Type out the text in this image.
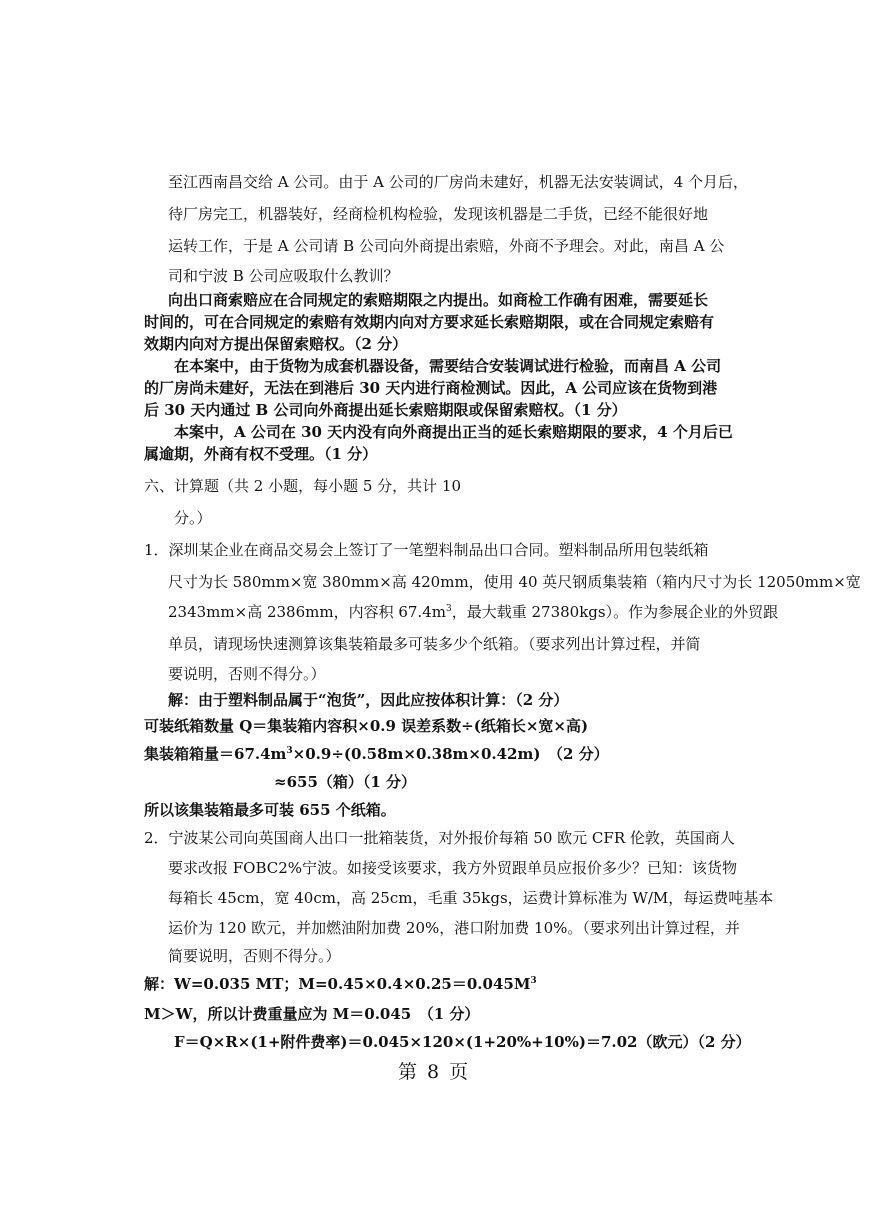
至江西南昌交给 A 公司。由于 A 公司的厂房尚未建好，机器无法安装调试，4 个月后，
待厂房完工，机器装好，经商检机构检验，发现该机器是二手货，已经不能很好地
运转工作，于是 A 公司请 B 公司向外商提出索赔，外商不予理会。对此，南昌 A 公
司和宁波 B 公司应吸取什么教训？
向出口商索赔应在合同规定的索赔期限之内提出。如商检工作确有困难，需要延长
时间的，可在合同规定的索赔有效期内向对方要求延长索赔期限，或在合同规定索赔有
效期内向对方提出保留索赔权。（2 分）
在本案中，由于货物为成套机器设备，需要结合安装调试进行检验，而南昌 A 公司
的厂房尚未建好，无法在到港后 30 天内进行商检测试。因此，A 公司应该在货物到港
后 30 天内通过 B 公司向外商提出延长索赔期限或保留索赔权。（1 分）
本案中，A 公司在 30 天内没有向外商提出正当的延长索赔期限的要求，4 个月后已
属逾期，外商有权不受理。（1 分）
六、计算题（共 2 小题，每小题 5 分，共计 10
分。）
1．深圳某企业在商品交易会上签订了一笔塑料制品出口合同。塑料制品所用包装纸箱
尺寸为长 580mm×宽 380mm×高 420mm，使用 40 英尺钢质集装箱（箱内尺寸为长 12050mm×宽
2343mm×高 2386mm，内容积 $67.4m^3$，最大载重 27380kgs）。作为参展企业的外贸跟
单员，请现场快速测算该集装箱最多可装多少个纸箱。（要求列出计算过程，并简
要说明，否则不得分。）
解：由于塑料制品属于“泡货”，因此应按体积计算：（2 分）
可装纸箱数量 Q＝集装箱内容积×0.9 误差系数÷(纸箱长×宽×高)
集装箱箱量$=67.4m^3\times 0.9\div(0.58m\times 0.38m\times 0.42m)$　（2 分）
≈655（箱）（1 分）
所以该集装箱最多可装 655 个纸箱。
2．宁波某公司向英国商人出口一批箱装货，对外报价每箱 50 欧元 CFR 伦敦，英国商人
要求改报 FOBC2%宁波。如接受该要求，我方外贸跟单员应报价多少？已知：该货物
每箱长 45cm，宽 40cm，高 25cm，毛重 35kgs，运费计算标准为 W/M，每运费吨基本
运价为 120 欧元，并加燃油附加费 20%，港口附加费 10%。（要求列出计算过程，并
简要说明，否则不得分。）
解：W=0.035 MT；$M=0.45\times 0.4\times 0.25=0.045M^3$
M＞W，所以计费重量应为 M＝0.045　（1 分）
F＝Q×R×(1+附件费率)＝0.045×120×(1+20%+10%)＝7.02（欧元）（2 分）
第 8 页
